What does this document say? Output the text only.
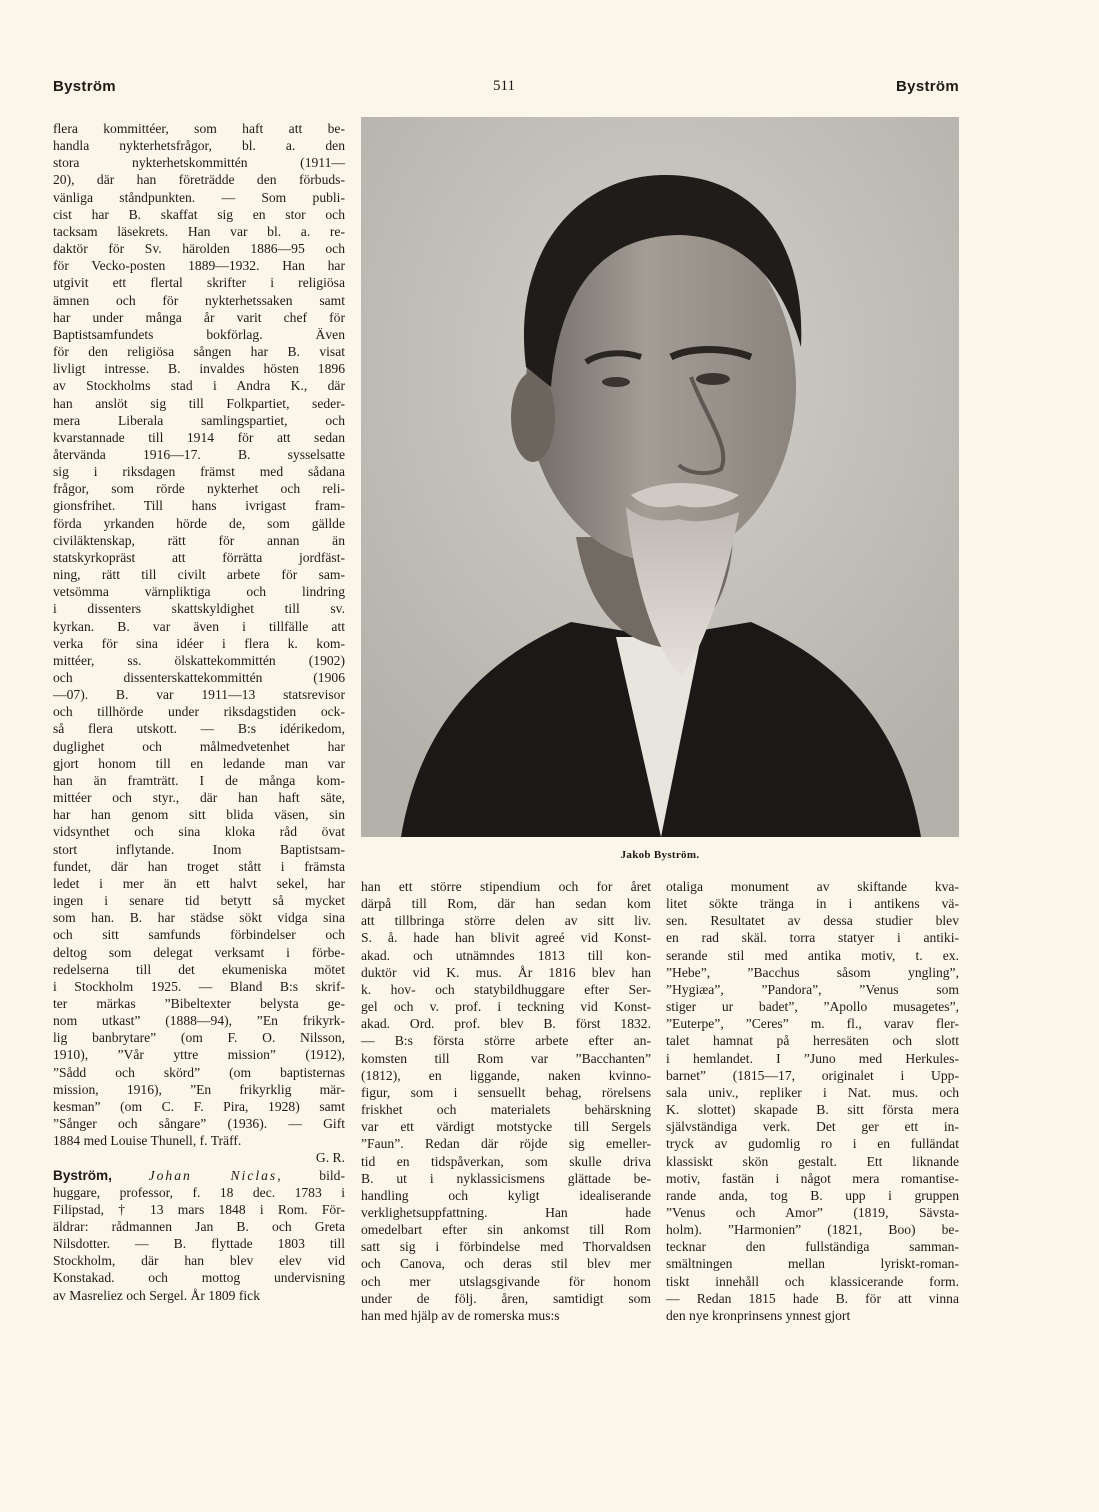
Byström	511	Byström

flera kommittéer, som haft att be-

handla nykterhetsfrågor, bl. a. den

stora nykterhetskommittén (1911—

20), där han företrädde den förbuds-

vänliga ståndpunkten. — Som publi-

cist har B. skaffat sig en stor och

tacksam läsekrets. Han var bl. a. re-

daktör för Sv. härolden 1886—95 och

för Vecko-posten 1889—1932. Han har

utgivit ett flertal skrifter i religiösa

ämnen och för nykterhetssaken samt

har under många år varit chef för

Baptistsamfundets bokförlag. Även

för den religiösa sången har B. visat

livligt intresse. B. invaldes hösten 1896

av Stockholms stad i Andra K., där

han anslöt sig till Folkpartiet, seder-

mera Liberala samlingspartiet, och

kvarstannade till 1914 för att sedan

återvända 1916—17. B. sysselsatte

sig i riksdagen främst med sådana

frågor, som rörde nykterhet och reli-

gionsfrihet. Till hans ivrigast fram-

förda yrkanden hörde de, som gällde

civiläktenskap, rätt för annan än

statskyrkopräst att förrätta jordfäst-

ning, rätt till civilt arbete för sam-

vetsömma värnpliktiga och lindring

i dissenters skattskyldighet till sv.

kyrkan. B. var även i tillfälle att

verka för sina idéer i flera k. kom-

mittéer, ss. ölskattekommittén (1902)

och dissenterskattekommittén (1906

—07). B. var 1911—13 statsrevisor

och tillhörde under riksdagstiden ock-

så flera utskott. — B:s idérikedom,

duglighet och målmedvetenhet har

gjort honom till en ledande man var

han än framträtt. I de många kom-

mittéer och styr., där han haft säte,

har han genom sitt blida väsen, sin

vidsynthet och sina kloka råd övat

stort inflytande. Inom Baptistsam-

fundet, där han troget stått i främsta

ledet i mer än ett halvt sekel, har

ingen i senare tid betytt så mycket

som han. B. har städse sökt vidga sina

och sitt samfunds förbindelser och

deltog som delegat verksamt i förbe-

redelserna till det ekumeniska mötet

i Stockholm 1925. — Bland B:s skrif-

ter märkas ”Bibeltexter belysta ge-

nom utkast” (1888—94), ”En frikyrk-

lig banbrytare” (om F. O. Nilsson,

1910), ”Vår yttre mission” (1912),

”Sådd och skörd” (om baptisternas

mission, 1916), ”En frikyrklig mär-

kesman” (om C. F. Pira, 1928) samt

”Sånger och sångare” (1936). — Gift

1884 med Louise Thunell, f. Träff.

G. R.

Byström,	Johan Niclas,	bild-

huggare, professor, f. 18 dec. 1783 i

Filipstad, † 13 mars 1848 i Rom. För-

äldrar: rådmannen Jan B. och Greta

Nilsdotter. — B. flyttade 1803 till

Stockholm, där han blev elev vid

Konstakad. och mottog undervisning

av Masreliez och Sergel. År 1809 fick

Jakob Byström.

han ett större stipendium och for året

därpå till Rom, där han sedan kom

att tillbringa större delen av sitt liv.

S. å. hade han blivit agreé vid Konst-

akad. och utnämndes 1813 till kon-

duktör vid K. mus. År 1816 blev han

k. hov- och statybildhuggare efter Ser-

gel och v. prof. i teckning vid Konst-

akad. Ord. prof. blev B. först 1832.

— B:s första större arbete efter an-

komsten till Rom var ”Bacchanten”

(1812), en liggande, naken kvinno-

figur, som i sensuellt behag, rörelsens

friskhet och materialets behärskning

var ett värdigt motstycke till Sergels

”Faun”. Redan där röjde sig emeller-

tid en tidspåverkan, som skulle driva

B. ut i nyklassicismens glättade be-

handling och kyligt idealiserande

verklighetsuppfattning. Han hade

omedelbart efter sin ankomst till Rom

satt sig i förbindelse med Thorvaldsen

och Canova, och deras stil blev mer

och mer utslagsgivande för honom

under de följ. åren, samtidigt som

han med hjälp av de romerska mus:s

otaliga monument av skiftande kva-

litet sökte tränga in i antikens vä-

sen. Resultatet av dessa studier blev

en rad skäl. torra statyer i antiki-

serande stil med antika motiv, t. ex.

”Hebe”, ”Bacchus såsom yngling”,

”Hygiæa”, ”Pandora”, ”Venus som

stiger ur badet”, ”Apollo musagetes”,

”Euterpe”, ”Ceres” m. fl., varav fler-

talet hamnat på herresäten och slott

i hemlandet. I ”Juno med Herkules-

barnet” (1815—17, originalet i Upp-

sala univ., repliker i Nat. mus. och

K. slottet) skapade B. sitt första mera

självständiga verk. Det ger ett in-

tryck av gudomlig ro i en fulländat

klassiskt skön gestalt. Ett liknande

motiv, fastän i något mera romantise-

rande anda, tog B. upp i gruppen

”Venus och Amor” (1819, Sävsta-

holm). ”Harmonien” (1821, Boo) be-

tecknar den fullständiga samman-

smältningen mellan lyriskt-roman-

tiskt innehåll och klassicerande form.

— Redan 1815 hade B. för att vinna

den nye kronprinsens ynnest gjort
